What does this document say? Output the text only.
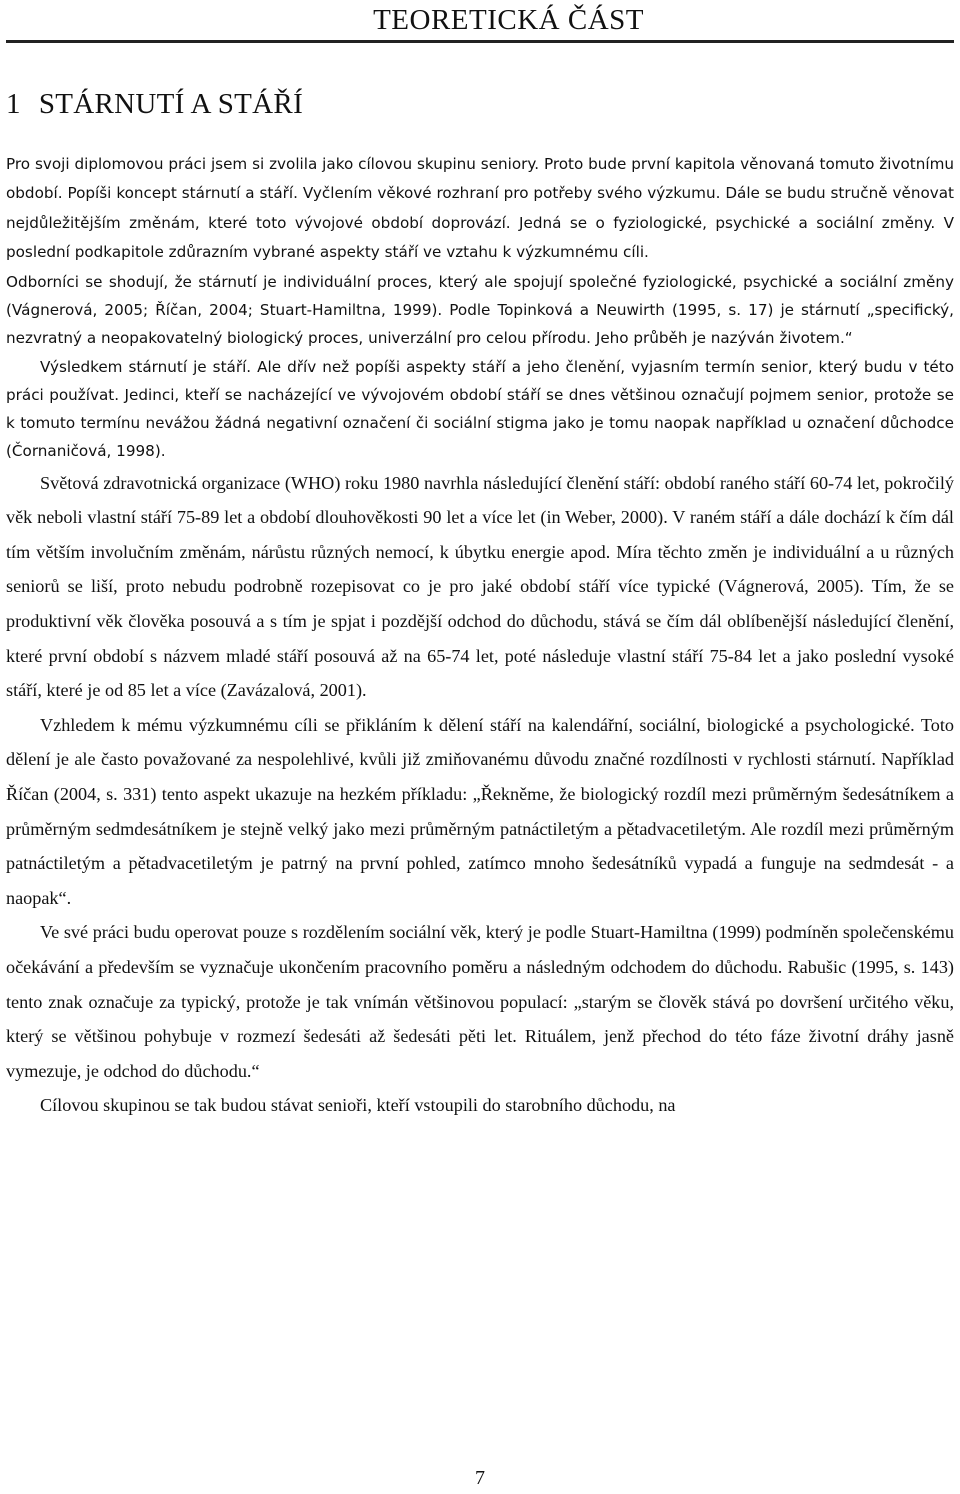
TEORETICKÁ ČÁST
1 STÁRNUTÍ A STÁŘÍ

Pro svoji diplomovou práci jsem si zvolila jako cílovou skupinu seniory. Proto bude první kapitola věnovaná tomuto životnímu období. Popíši koncept stárnutí a stáří. Vyčlením věkové rozhraní pro potřeby svého výzkumu. Dále se budu stručně věnovat nejdůležitějším změnám, které toto vývojové období doprovází. Jedná se o fyziologické, psychické a sociální změny. V poslední podkapitole zdůrazním vybrané aspekty stáří ve vztahu k výzkumnému cíli.

Odborníci se shodují, že stárnutí je individuální proces, který ale spojují společné fyziologické, psychické a sociální změny (Vágnerová, 2005; Říčan, 2004; Stuart-Hamiltna, 1999). Podle Topinková a Neuwirth (1995, s. 17) je stárnutí „specifický, nezvratný a neopakovatelný biologický proces, univerzální pro celou přírodu. Jeho průběh je nazýván životem.“

Výsledkem stárnutí je stáří. Ale dřív než popíši aspekty stáří a jeho členění, vyjasním termín senior, který budu v této práci používat. Jedinci, kteří se nacházející ve vývojovém období stáří se dnes většinou označují pojmem senior, protože se k tomuto termínu nevážou žádná negativní označení či sociální stigma jako je tomu naopak například u označení důchodce (Čornaničová, 1998).

Světová zdravotnická organizace (WHO) roku 1980 navrhla následující členění stáří: období raného stáří 60-74 let, pokročilý věk neboli vlastní stáří 75-89 let a období dlouhověkosti 90 let a více let (in Weber, 2000). V raném stáří a dále dochází k čím dál tím větším involučním změnám, nárůstu různých nemocí, k úbytku energie apod. Míra těchto změn je individuální a u různých seniorů se liší, proto nebudu podrobně rozepisovat co je pro jaké období stáří více typické (Vágnerová, 2005). Tím, že se produktivní věk člověka posouvá a s tím je spjat i pozdější odchod do důchodu, stává se čím dál oblíbenější následující členění, které první období s názvem mladé stáří posouvá až na 65-74 let, poté následuje vlastní stáří 75-84 let a jako poslední vysoké stáří, které je od 85 let a více (Zavázalová, 2001).

Vzhledem k mému výzkumnému cíli se přikláním k dělení stáří na kalendářní, sociální, biologické a psychologické. Toto dělení je ale často považované za nespolehlivé, kvůli již zmiňovanému důvodu značné rozdílnosti v rychlosti stárnutí. Například Říčan (2004, s. 331) tento aspekt ukazuje na hezkém příkladu: „Řekněme, že biologický rozdíl mezi průměrným šedesátníkem a průměrným sedmdesátníkem je stejně velký jako mezi průměrným patnáctiletým a pětadvacetiletým. Ale rozdíl mezi průměrným patnáctiletým a pětadvacetiletým je patrný na první pohled, zatímco mnoho šedesátníků vypadá a funguje na sedmdesát - a naopak“.

Ve své práci budu operovat pouze s rozdělením sociální věk, který je podle Stuart-Hamiltna (1999) podmíněn společenskému očekávání a především se vyznačuje ukončením pracovního poměru a následným odchodem do důchodu. Rabušic (1995, s. 143) tento znak označuje za typický, protože je tak vnímán většinovou populací: „starým se člověk stává po dovršení určitého věku, který se většinou pohybuje v rozmezí šedesáti až šedesáti pěti let. Rituálem, jenž přechod do této fáze životní dráhy jasně vymezuje, je odchod do důchodu.“

Cílovou skupinou se tak budou stávat senioři, kteří vstoupili do starobního důchodu, na

7
